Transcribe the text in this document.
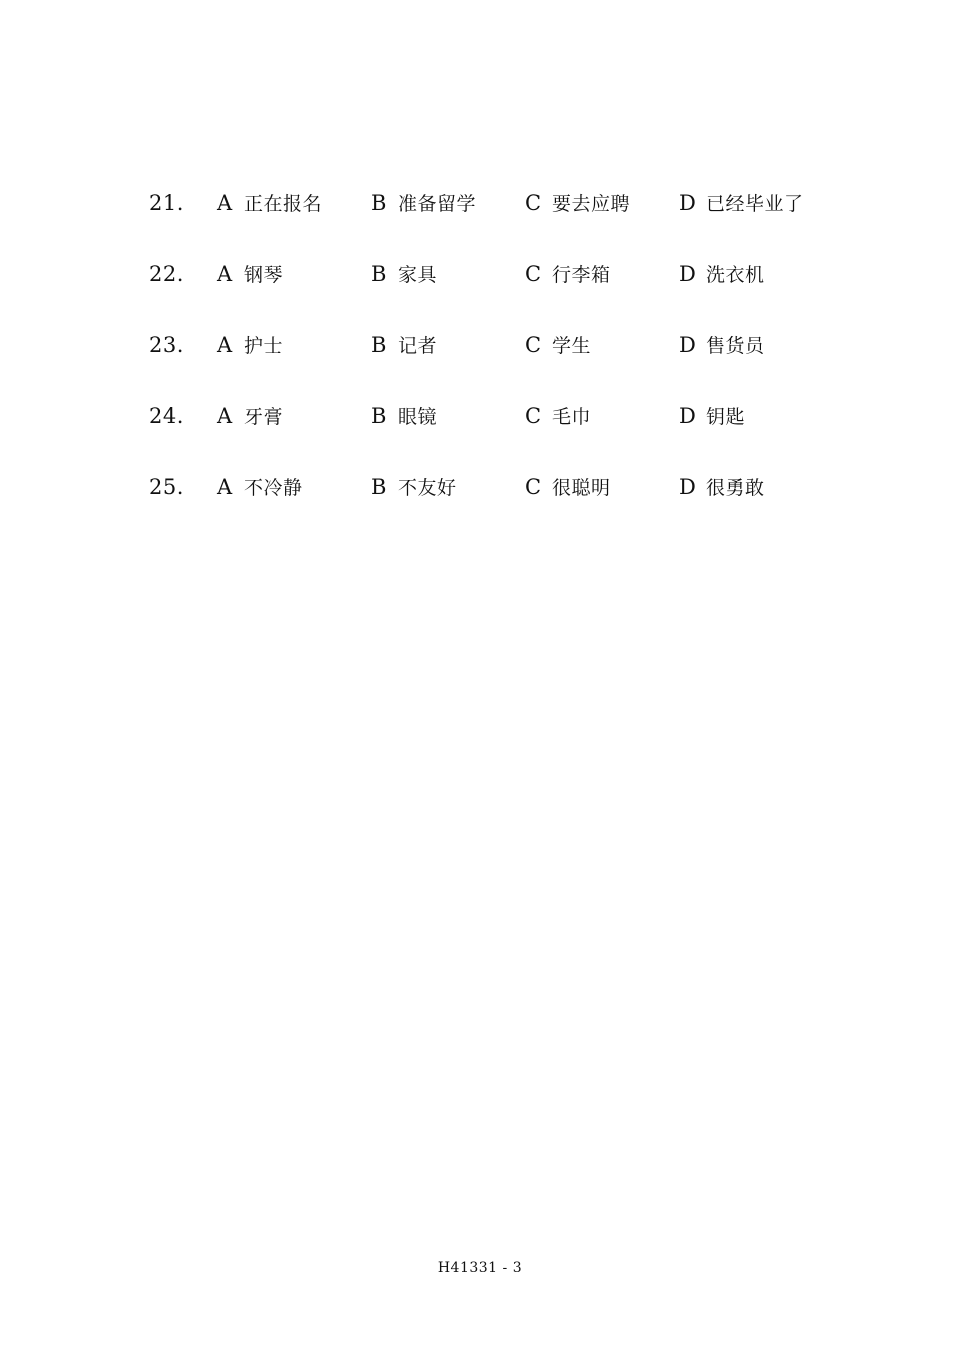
21. A 正在报名 B 准备留学 C 要去应聘 D 已经毕业了
22. A 钢琴	B 家具	C 行李箱	D 洗衣机
23. A 护士	B 记者	C 学生	D 售货员
24. A 牙膏	B 眼镜	C 毛巾	D 钥匙
25. A 不冷静	B 不友好	C 很聪明	D 很勇敢
H41331 - 3
